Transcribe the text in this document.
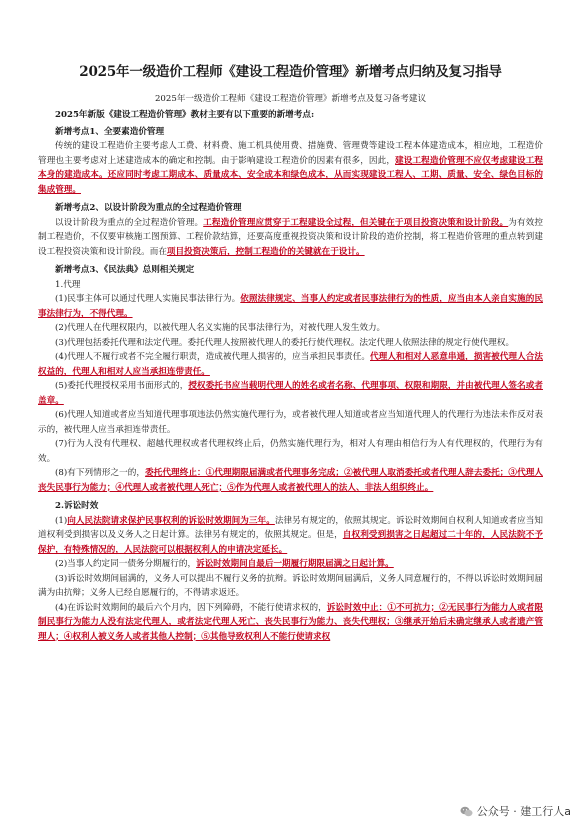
2025年一级造价工程师《建设工程造价管理》新增考点归纳及复习指导
2025年一级造价工程师《建设工程造价管理》新增考点及复习备考建议

2025年新版《建设工程造价管理》教材主要有以下重要的新增考点:

新增考点1、全要素造价管理

传统的建设工程造价主要考虑人工费、材料费、施工机具使用费、措施费、管理费等建设工程本体建造成本，相应地，工程造价管理也主要考虑对上述建造成本的确定和控制。由于影响建设工程造价的因素有很多，因此，建设工程造价管理不应仅考虑建设工程本身的建造成本。还应同时考虑工期成本、质量成本、安全成本和绿色成本，从而实现建设工程人、工期、质量、安全、绿色目标的集成管理。

新增考点2、以设计阶段为重点的全过程造价管理

以设计阶段为重点的全过程造价管理。工程造价管理应贯穿于工程建设全过程，但关键在于项目投资决策和设计阶段。为有效控制工程造价，不仅要审核施工图预算、工程价款结算，还要高度重视投资决策和设计阶段的造价控制，将工程造价管理的重点转到建设工程投资决策和设计阶段。而在项目投资决策后，控制工程造价的关键就在于设计。

新增考点3、《民法典》总则相关规定

1.代理

(1)民事主体可以通过代理人实施民事法律行为。依照法律规定、当事人约定或者民事法律行为的性质，应当由本人亲自实施的民事法律行为，不得代理。

(2)代理人在代理权限内，以被代理人名义实施的民事法律行为，对被代理人发生效力。

(3)代理包括委托代理和法定代理。委托代理人按照被代理人的委托行使代理权。法定代理人依照法律的规定行使代理权。

(4)代理人不履行或者不完全履行职责，造成被代理人损害的，应当承担民事责任。代理人和相对人恶意串通，损害被代理人合法权益的，代理人和相对人应当承担连带责任。

(5)委托代理授权采用书面形式的，授权委托书应当载明代理人的姓名或者名称、代理事项、权限和期限，并由被代理人签名或者盖章。

(6)代理人知道或者应当知道代理事项违法仍然实施代理行为，或者被代理人知道或者应当知道代理人的代理行为违法未作反对表示的，被代理人应当承担连带责任。

(7)行为人没有代理权、超越代理权或者代理权终止后，仍然实施代理行为，相对人有理由相信行为人有代理权的，代理行为有效。

(8)有下列情形之一的，委托代理终止：①代理期限届满或者代理事务完成；②被代理人取消委托或者代理人辞去委托；③代理人丧失民事行为能力；④代理人或者被代理人死亡；⑤作为代理人或者被代理人的法人、非法人组织终止。

2.诉讼时效

(1)向人民法院请求保护民事权利的诉讼时效期间为三年。法律另有规定的，依照其规定。诉讼时效期间自权利人知道或者应当知道权利受到损害以及义务人之日起计算。法律另有规定的，依照其规定。但是，自权利受到损害之日起超过二十年的，人民法院不予保护，有特殊情况的，人民法院可以根据权利人的申请决定延长。

(2)当事人约定同一债务分期履行的，诉讼时效期间自最后一期履行期限届满之日起计算。

(3)诉讼时效期间届满的，义务人可以提出不履行义务的抗辩。诉讼时效期间届满后，义务人同意履行的，不得以诉讼时效期间届满为由抗辩；义务人已经自愿履行的，不得请求返还。

(4)在诉讼时效期间的最后六个月内，因下列障碍，不能行使请求权的，诉讼时效中止：①不可抗力；②无民事行为能力人或者限制民事行为能力人没有法定代理人，或者法定代理人死亡、丧失民事行为能力、丧失代理权；③继承开始后未确定继承人或者遗产管理人；④权利人被义务人或者其他人控制；⑤其他导致权利人不能行使请求权

公众号 · 建工行人a
